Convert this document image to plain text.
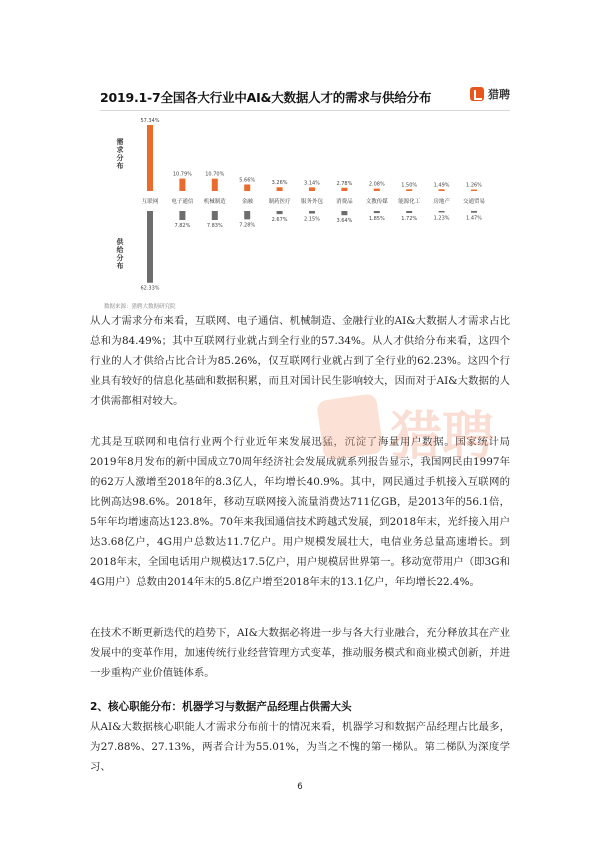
2019.1-7全国各大行业中AI&大数据人才的需求与供给分布	猎聘
需求分布
供给分布
57.34%
互联网
62.33%
10.79%
电子通信
7.82%
10.70%
机械制造
7.83%
5.66%
金融
7.28%
3.26%
制药医疗
2.67%
3.14%
服务外包
2.15%
2.78%
消费品
3.64%
2.08%
文教传媒
1.85%
1.50%
能源化工
1.72%
1.49%
房地产
1.23%
1.26%
交通贸易
1.47%
数据来源：猎聘大数据研究院

从人才需求分布来看，互联网、电子通信、机械制造、金融行业的AI&大数据人才需求占比总和为84.49%；其中互联网行业就占到全行业的57.34%。从人才供给分布来看，这四个行业的人才供给占比合计为85.26%，仅互联网行业就占到了全行业的62.23%。这四个行业具有较好的信息化基础和数据积累，而且对国计民生影响较大，因而对于AI&大数据的人才供需都相对较大。

尤其是互联网和电信行业两个行业近年来发展迅猛，沉淀了海量用户数据。国家统计局2019年8月发布的新中国成立70周年经济社会发展成就系列报告显示，我国网民由1997年的62万人激增至2018年的8.3亿人，年均增长40.9%。其中，网民通过手机接入互联网的比例高达98.6%。2018年，移动互联网接入流量消费达711亿GB，是2013年的56.1倍，5年年均增速高达123.8%。70年来我国通信技术跨越式发展，到2018年末，光纤接入用户达3.68亿户，4G用户总数达11.7亿户。用户规模发展壮大，电信业务总量高速增长。到2018年末，全国电话用户规模达17.5亿户，用户规模居世界第一。移动宽带用户（即3G和4G用户）总数由2014年末的5.8亿户增至2018年末的13.1亿户，年均增长22.4%。

在技术不断更新迭代的趋势下，AI&大数据必将进一步与各大行业融合，充分释放其在产业发展中的变革作用，加速传统行业经营管理方式变革，推动服务模式和商业模式创新，并进一步重构产业价值链体系。

2、核心职能分布：机器学习与数据产品经理占供需大头

从AI&大数据核心职能人才需求分布前十的情况来看，机器学习和数据产品经理占比最多，为27.88%、27.13%，两者合计为55.01%，为当之不愧的第一梯队。第二梯队为深度学习、

6
猎聘
